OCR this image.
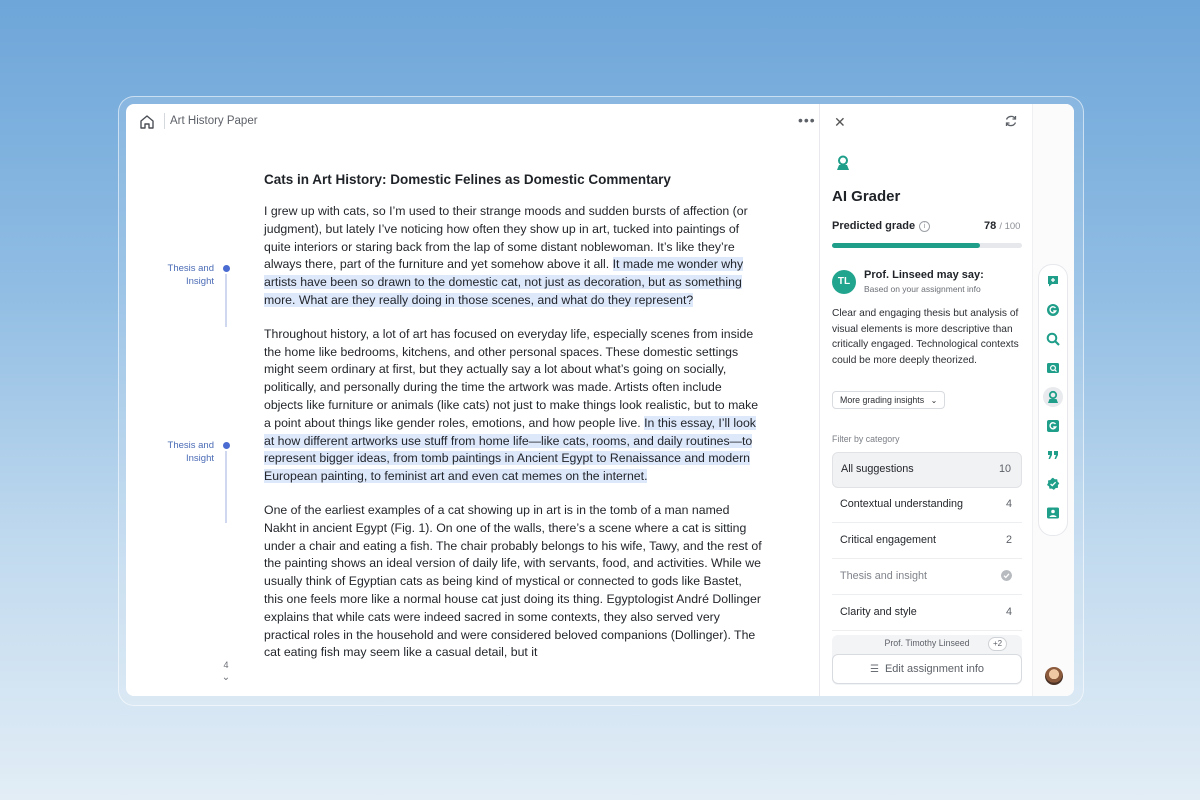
Art History Paper	•••
Thesis and Insight
Thesis and Insight
Cats in Art History: Domestic Felines as Domestic Commentary

I grew up with cats, so I’m used to their strange moods and sudden bursts of affection (or judgment), but lately I’ve noticing how often they show up in art, tucked into paintings of quite interiors or staring back from the lap of some distant noblewoman. It’s like they’re always there, part of the furniture and yet somehow above it all. It made me wonder why artists have been so drawn to the domestic cat, not just as decoration, but as something more. What are they really doing in those scenes, and what do they represent?

Throughout history, a lot of art has focused on everyday life, especially scenes from inside the home like bedrooms, kitchens, and other personal spaces. These domestic settings might seem ordinary at first, but they actually say a lot about what’s going on socially, politically, and personally during the time the artwork was made. Artists often include objects like furniture or animals (like cats) not just to make things look realistic, but to make a point about things like gender roles, emotions, and how people live. In this essay, I’ll look at how different artworks use stuff from home life—like cats, rooms, and daily routines—to represent bigger ideas, from tomb paintings in Ancient Egypt to Renaissance and modern European painting, to feminist art and even cat memes on the internet.

One of the earliest examples of a cat showing up in art is in the tomb of a man named Nakht in ancient Egypt (Fig. 1). On one of the walls, there’s a scene where a cat is sitting under a chair and eating a fish. The chair probably belongs to his wife, Tawy, and the rest of the painting shows an ideal version of daily life, with servants, food, and activities. While we usually think of Egyptian cats as being kind of mystical or connected to gods like Bastet, this one feels more like a normal house cat just doing its thing. Egyptologist André Dollinger explains that while cats were indeed sacred in some contexts, they also served very practical roles in the household and were considered beloved companions (Dollinger). The cat eating fish may seem like a casual detail, but it

4
⌄
✕
AI Grader
Predicted grade	i	78 / 100
TL
Prof. Linseed may say:
Based on your assignment info
Clear and engaging thesis but analysis of visual elements is more descriptive than critically engaged. Technological contexts could be more deeply theorized.
More grading insights ⌄
Filter by category
All suggestions	10
Contextual understanding	4
Critical engagement	2
Thesis and insight
Clarity and style	4
Prof. Timothy Linseed	+2
☰ Edit assignment info
